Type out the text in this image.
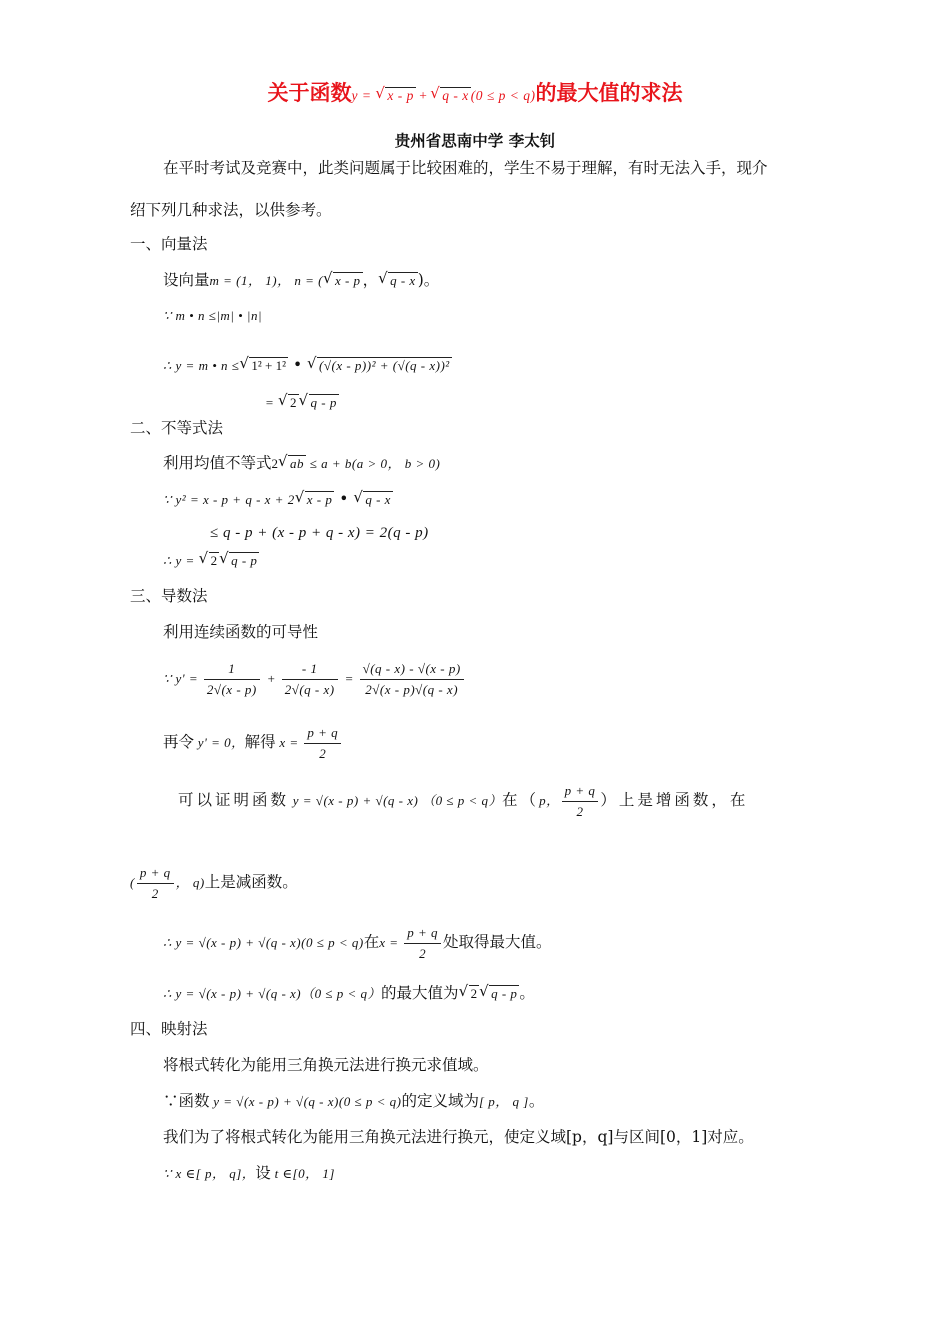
关于函数y = √ x - p + √ q - x (0 ≤ p < q)的最大值的求法
贵州省思南中学 李太钊
在平时考试及竞赛中，此类问题属于比较困难的，学生不易于理解，有时无法入手，现介
绍下列几种求法，以供参考。
一、向量法
设向量m = (1， 1)， n = ( √ x - p ， √ q - x )。
∵ m • n ≤|m| • |n|
∴ y = m • n ≤ √ 1² + 1² • √ (√(x - p))² + (√(q - x))²
= √ 2 √ q - p
二、不等式法
利用均值不等式2 √ ab ≤ a + b(a > 0， b > 0)
∵ y² = x - p + q - x + 2 √ x - p • √ q - x
≤ q - p + (x - p + q - x) = 2(q - p)
∴ y = √ 2 √ q - p
三、导数法
利用连续函数的可导性
∵ $y' = \frac{1}{2√(x - p)} + \frac{- 1}{2√(q - x)} = \frac{√(q - x) - √(x - p)}{2√(x - p)√(q - x)}$
再令 y' = 0，解得 $x = \frac{p + q}{2}$
可以证明函数 y = √(x - p) + √(q - x) （0 ≤ p < q）在（p， $\frac{p + q}{2}$ ）上是增函数，在
( $\frac{p + q}{2}$ ， q)上是减函数。
∴ y = √(x - p) + √(q - x)(0 ≤ p < q)在$x = \frac{p + q}{2}$ 处取得最大值。
∴ y = √(x - p) + √(q - x)（0 ≤ p < q）的最大值为 √ 2 √ q - p 。
四、映射法
将根式转化为能用三角换元法进行换元求值域。
∵函数 y = √(x - p) + √(q - x)(0 ≤ p < q)的定义域为[ p， q ]。
我们为了将根式转化为能用三角换元法进行换元，使定义域[p，q]与区间[0，1]对应。
∵ x ∈[ p， q]，设 t ∈[0， 1]
